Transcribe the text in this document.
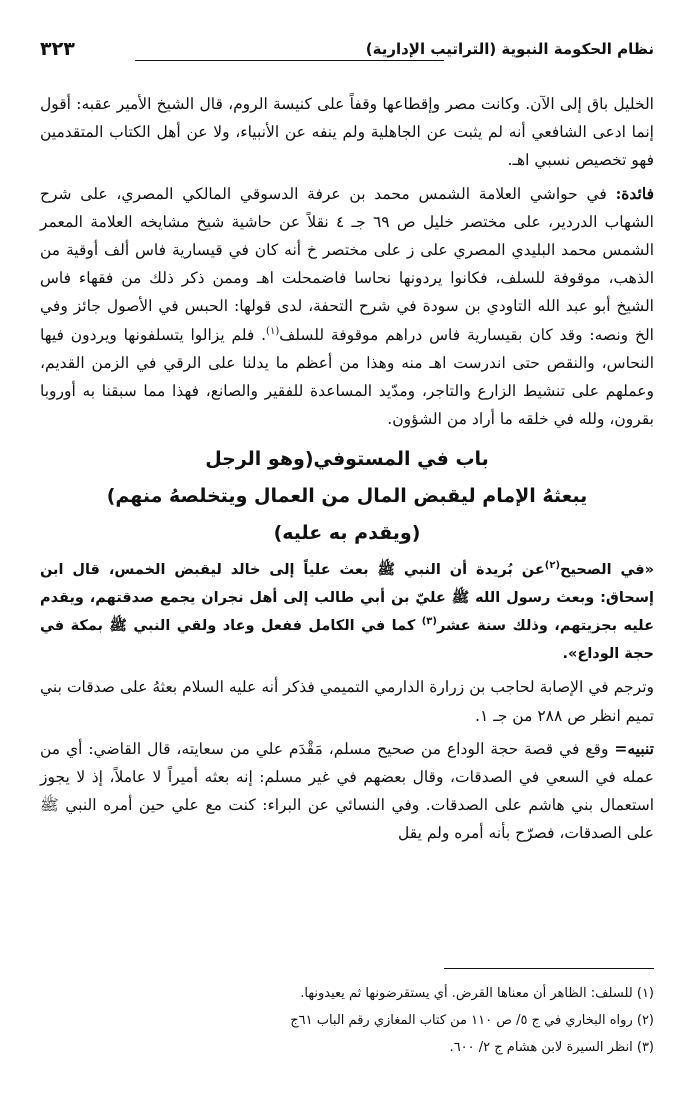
نظام الحكومة النبوية (التراتيب الإدارية)
٣٢٣

الخليل باق إلى الآن. وكانت مصر وإقطاعها وقفاً على كنيسة الروم، قال الشيخ الأمير عقبه: أقول إنما ادعى الشافعي أنه لم يثبت عن الجاهلية ولم ينفه عن الأنبياء، ولا عن أهل الكتاب المتقدمين فهو تخصيص نسبي اهـ.

فائدة: في حواشي العلامة الشمس محمد بن عرفة الدسوقي المالكي المصري، على شرح الشهاب الدردير، على مختصر خليل ص ٦٩ جـ ٤ نقلاً عن حاشية شيخ مشايخه العلامة المعمر الشمس محمد البليدي المصري على ز على مختصر خ أنه كان في قيسارية فاس ألف أوقية من الذهب، موقوفة للسلف، فكانوا يردونها نحاسا فاضمحلت اهـ وممن ذكر ذلك من فقهاء فاس الشيخ أبو عبد الله التاودي بن سودة في شرح التحفة، لدى قولها: الحبس في الأصول جائز وفي الخ ونصه: وقد كان بقيسارية فاس دراهم موقوفة للسلف$^{(١)}$. فلم يزالوا يتسلفونها ويردون فيها النحاس، والنقص حتى اندرست اهـ منه وهذا من أعظم ما يدلنا على الرقي في الزمن القديم، وعملهم على تنشيط الزارع والتاجر، ومدّيد المساعدة للفقير والصانع، فهذا مما سبقنا به أوروبا بقرون، ولله في خلقه ما أراد من الشؤون.

باب في المستوفي(وهو الرجل

يبعثهُ الإمام ليقبض المال من العمال ويتخلصهُ منهم)

(ويقدم به عليه)

«في الصحيح$^{(٢)}$عن بُريدة أن النبي ﷺ بعث علياً إلى خالد ليقبض الخمس، قال ابن إسحاق: وبعث رسول الله ﷺ عليّ بن أبي طالب إلى أهل نجران يجمع صدقتهم، ويقدم عليه بجزيتهم، وذلك سنة عشر$^{(٣)}$ كما في الكامل ففعل وعاد ولقي النبي ﷺ بمكة في حجة الوداع».

وترجم في الإصابة لحاجب بن زرارة الدارمي التميمي فذكر أنه عليه السلام بعثهُ على صدقات بني تميم انظر ص ٢٨٨ من جـ ١.

تنبيه= وقع في قصة حجة الوداع من صحيح مسلم، مَقْدَم علي من سعايته، قال القاضي: أي من عمله في السعي في الصدقات، وقال بعضهم في غير مسلم: إنه بعثه أميراً لا عاملاً، إذ لا يجوز استعمال بني هاشم على الصدقات. وفي النسائي عن البراء: كنت مع علي حين أمره النبي ﷺ على الصدقات، فصرّح بأنه أمره ولم يقل

(١) للسلف: الظاهر أن معناها القرض. أي يستقرضونها ثم يعيدونها.

(٢) رواه البخاري في ج ٥/ ص ١١٠ من كتاب المغازي رقم الباب ٦١ج

(٣) انظر السيرة لابن هشام ج ٢/ ٦٠٠.
